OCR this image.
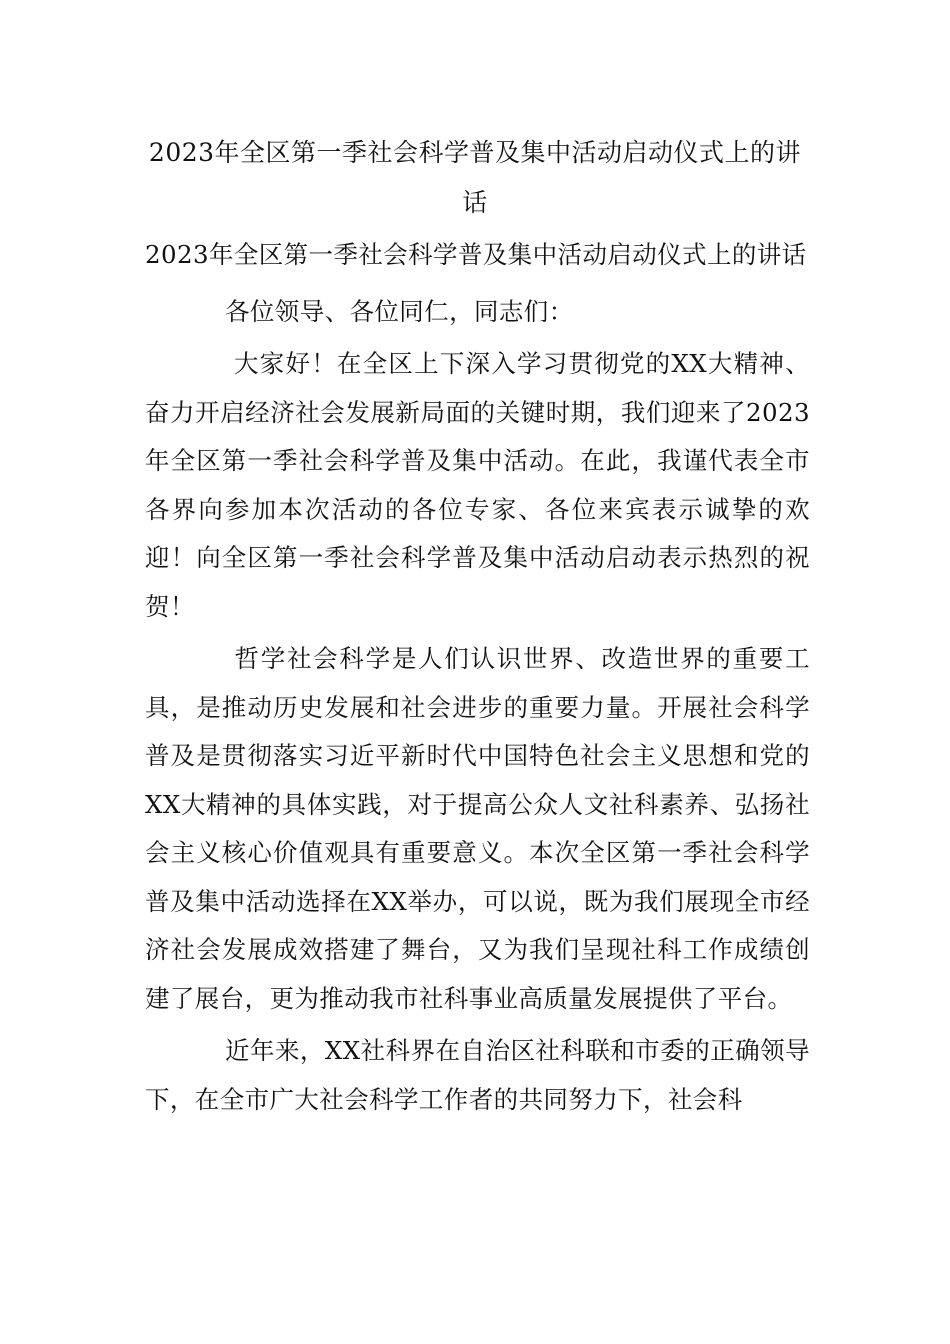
2023年全区第一季社会科学普及集中活动启动仪式上的讲话

2023年全区第一季社会科学普及集中活动启动仪式上的讲话

各位领导、各位同仁，同志们：

大家好！在全区上下深入学习贯彻党的XX大精神、奋力开启经济社会发展新局面的关键时期，我们迎来了2023年全区第一季社会科学普及集中活动。在此，我谨代表全市各界向参加本次活动的各位专家、各位来宾表示诚挚的欢迎！向全区第一季社会科学普及集中活动启动表示热烈的祝贺！

哲学社会科学是人们认识世界、改造世界的重要工具，是推动历史发展和社会进步的重要力量。开展社会科学普及是贯彻落实习近平新时代中国特色社会主义思想和党的XX大精神的具体实践，对于提高公众人文社科素养、弘扬社会主义核心价值观具有重要意义。本次全区第一季社会科学普及集中活动选择在XX举办，可以说，既为我们展现全市经济社会发展成效搭建了舞台，又为我们呈现社科工作成绩创建了展台，更为推动我市社科事业高质量发展提供了平台。

近年来，XX社科界在自治区社科联和市委的正确领导下，在全市广大社会科学工作者的共同努力下，社会科
